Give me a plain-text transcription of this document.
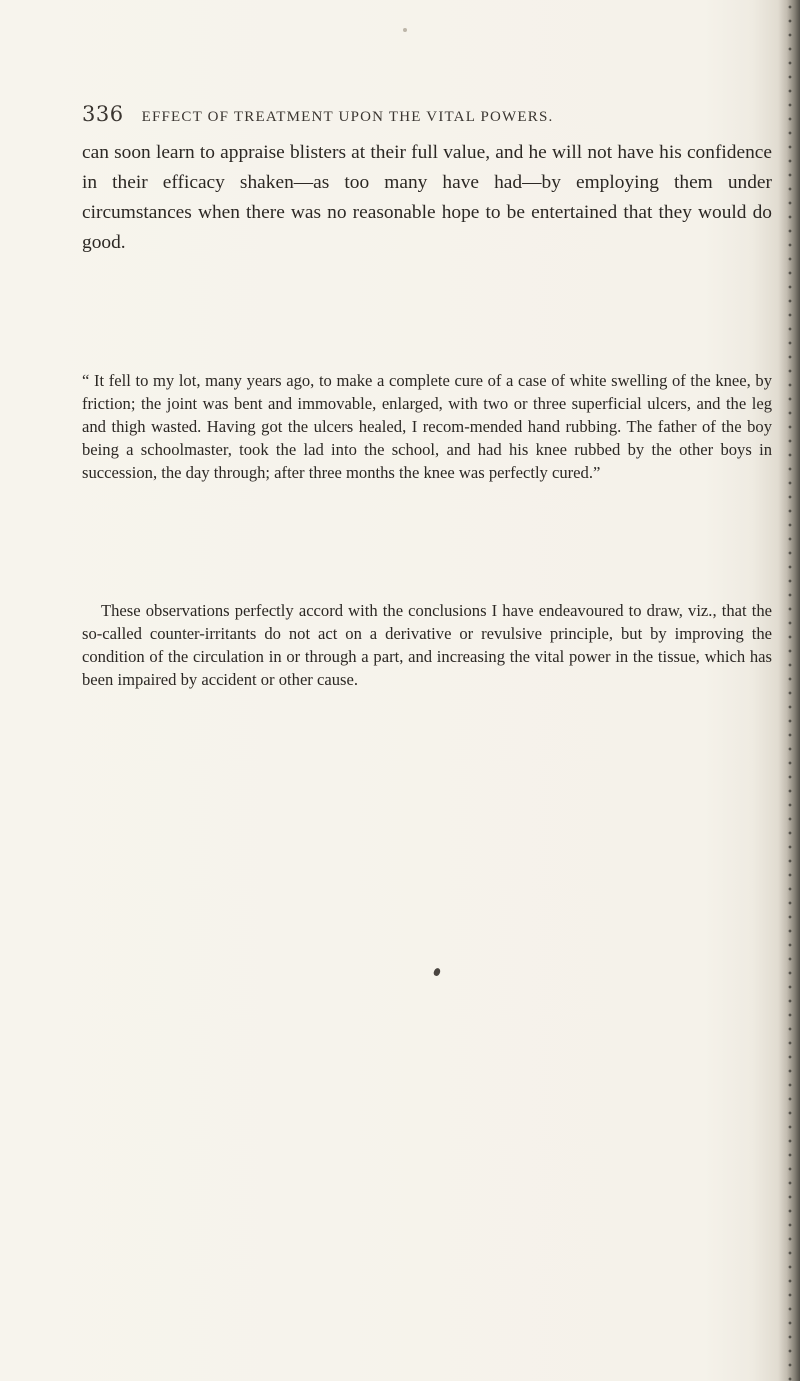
336 EFFECT OF TREATMENT UPON THE VITAL POWERS.

can soon learn to appraise blisters at their full value, and he will not have his confidence in their efficacy shaken—as too many have had—by employing them under circumstances when there was no reasonable hope to be entertained that they would do good.

“ It fell to my lot, many years ago, to make a complete cure of a case of white swelling of the knee, by friction; the joint was bent and immovable, enlarged, with two or three superficial ulcers, and the leg and thigh wasted. Having got the ulcers healed, I recom-mended hand rubbing. The father of the boy being a schoolmaster, took the lad into the school, and had his knee rubbed by the other boys in succession, the day through; after three months the knee was perfectly cured.”

These observations perfectly accord with the conclusions I have endeavoured to draw, viz., that the so-called counter-irritants do not act on a derivative or revulsive principle, but by improving the condition of the circulation in or through a part, and increasing the vital power in the tissue, which has been impaired by accident or other cause.
